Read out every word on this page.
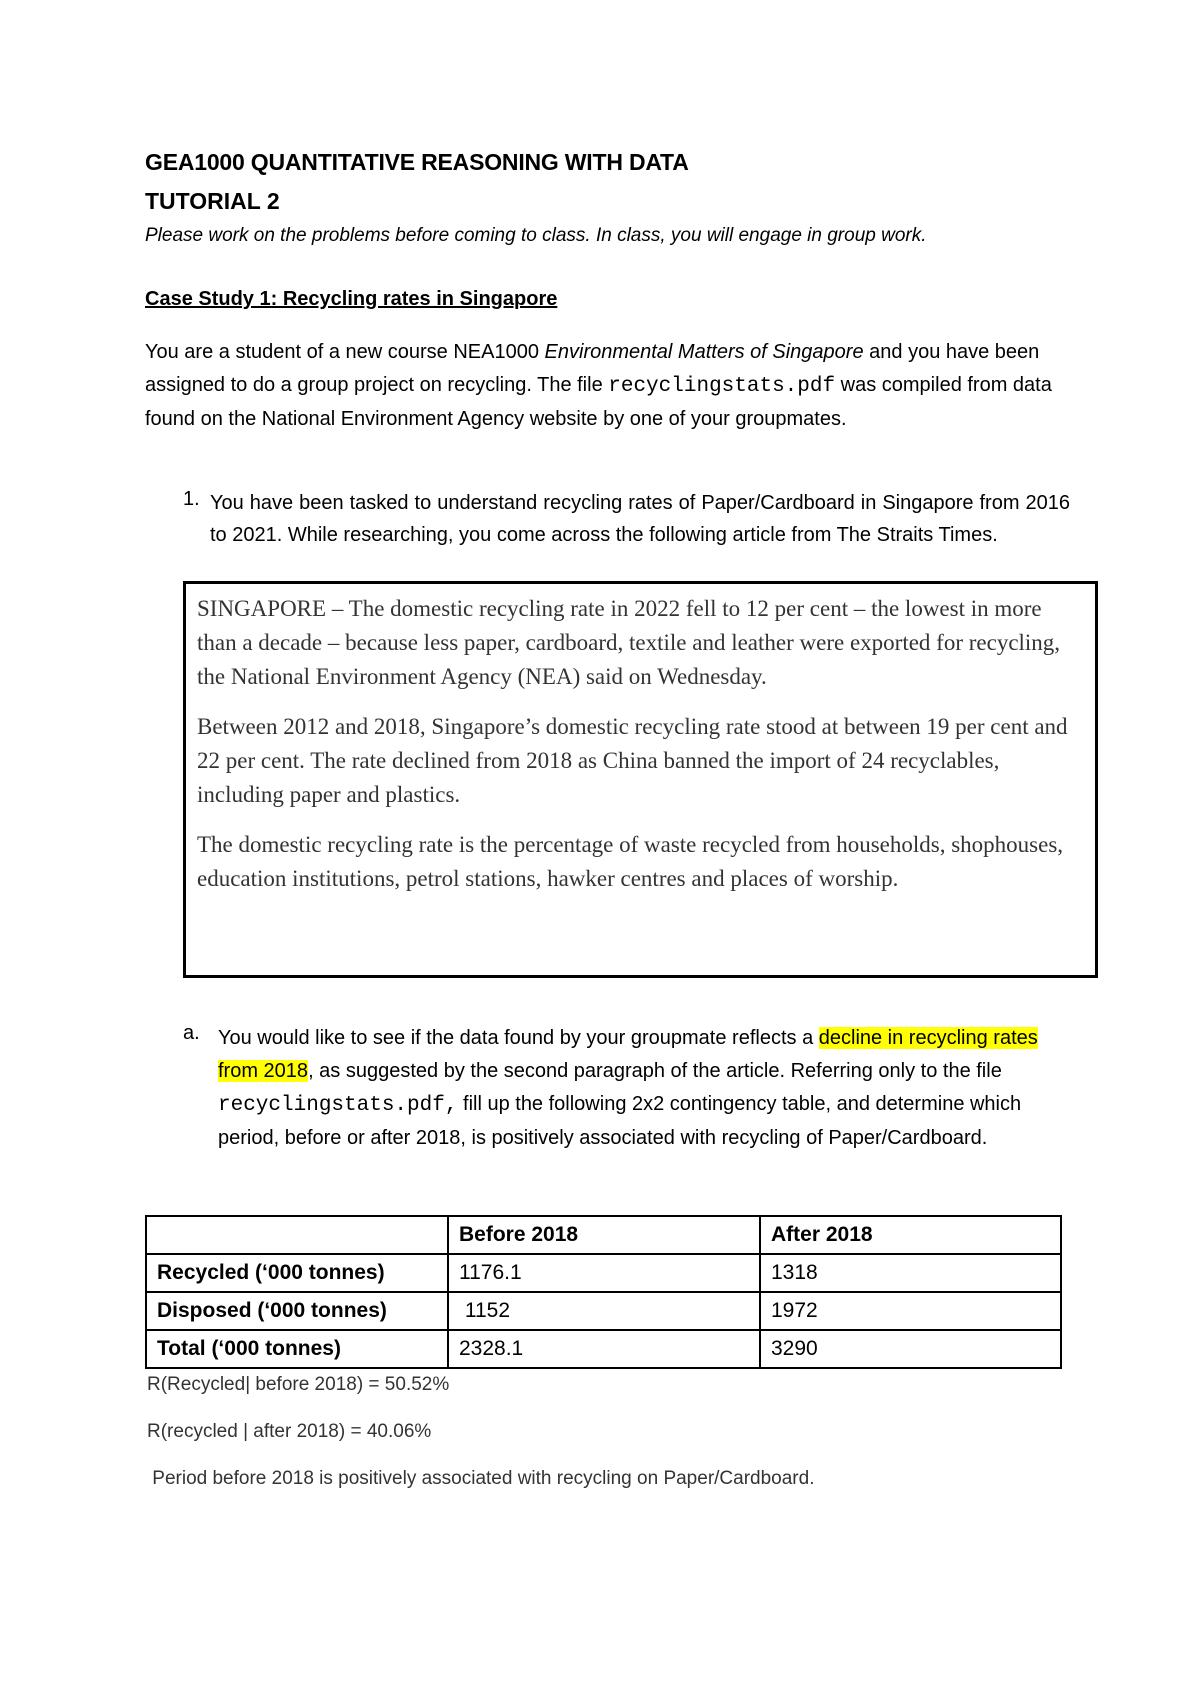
GEA1000 QUANTITATIVE REASONING WITH DATA
TUTORIAL 2
Please work on the problems before coming to class. In class, you will engage in group work.
Case Study 1: Recycling rates in Singapore
You are a student of a new course NEA1000 Environmental Matters of Singapore and you have been assigned to do a group project on recycling. The file recyclingstats.pdf was compiled from data found on the National Environment Agency website by one of your groupmates.
1. You have been tasked to understand recycling rates of Paper/Cardboard in Singapore from 2016 to 2021. While researching, you come across the following article from The Straits Times.

SINGAPORE – The domestic recycling rate in 2022 fell to 12 per cent – the lowest in more than a decade – because less paper, cardboard, textile and leather were exported for recycling, the National Environment Agency (NEA) said on Wednesday.

Between 2012 and 2018, Singapore’s domestic recycling rate stood at between 19 per cent and 22 per cent. The rate declined from 2018 as China banned the import of 24 recyclables, including paper and plastics.

The domestic recycling rate is the percentage of waste recycled from households, shophouses, education institutions, petrol stations, hawker centres and places of worship.

a. You would like to see if the data found by your groupmate reflects a decline in recycling rates from 2018, as suggested by the second paragraph of the article. Referring only to the file recyclingstats.pdf, fill up the following 2x2 contingency table, and determine which period, before or after 2018, is positively associated with recycling of Paper/Cardboard.
	Before 2018	After 2018
Recycled (‘000 tonnes)	1176.1	1318
Disposed (‘000 tonnes)	1152	1972
Total (‘000 tonnes)	2328.1	3290
R(Recycled| before 2018) = 50.52%
R(recycled | after 2018) = 40.06%
Period before 2018 is positively associated with recycling on Paper/Cardboard.
